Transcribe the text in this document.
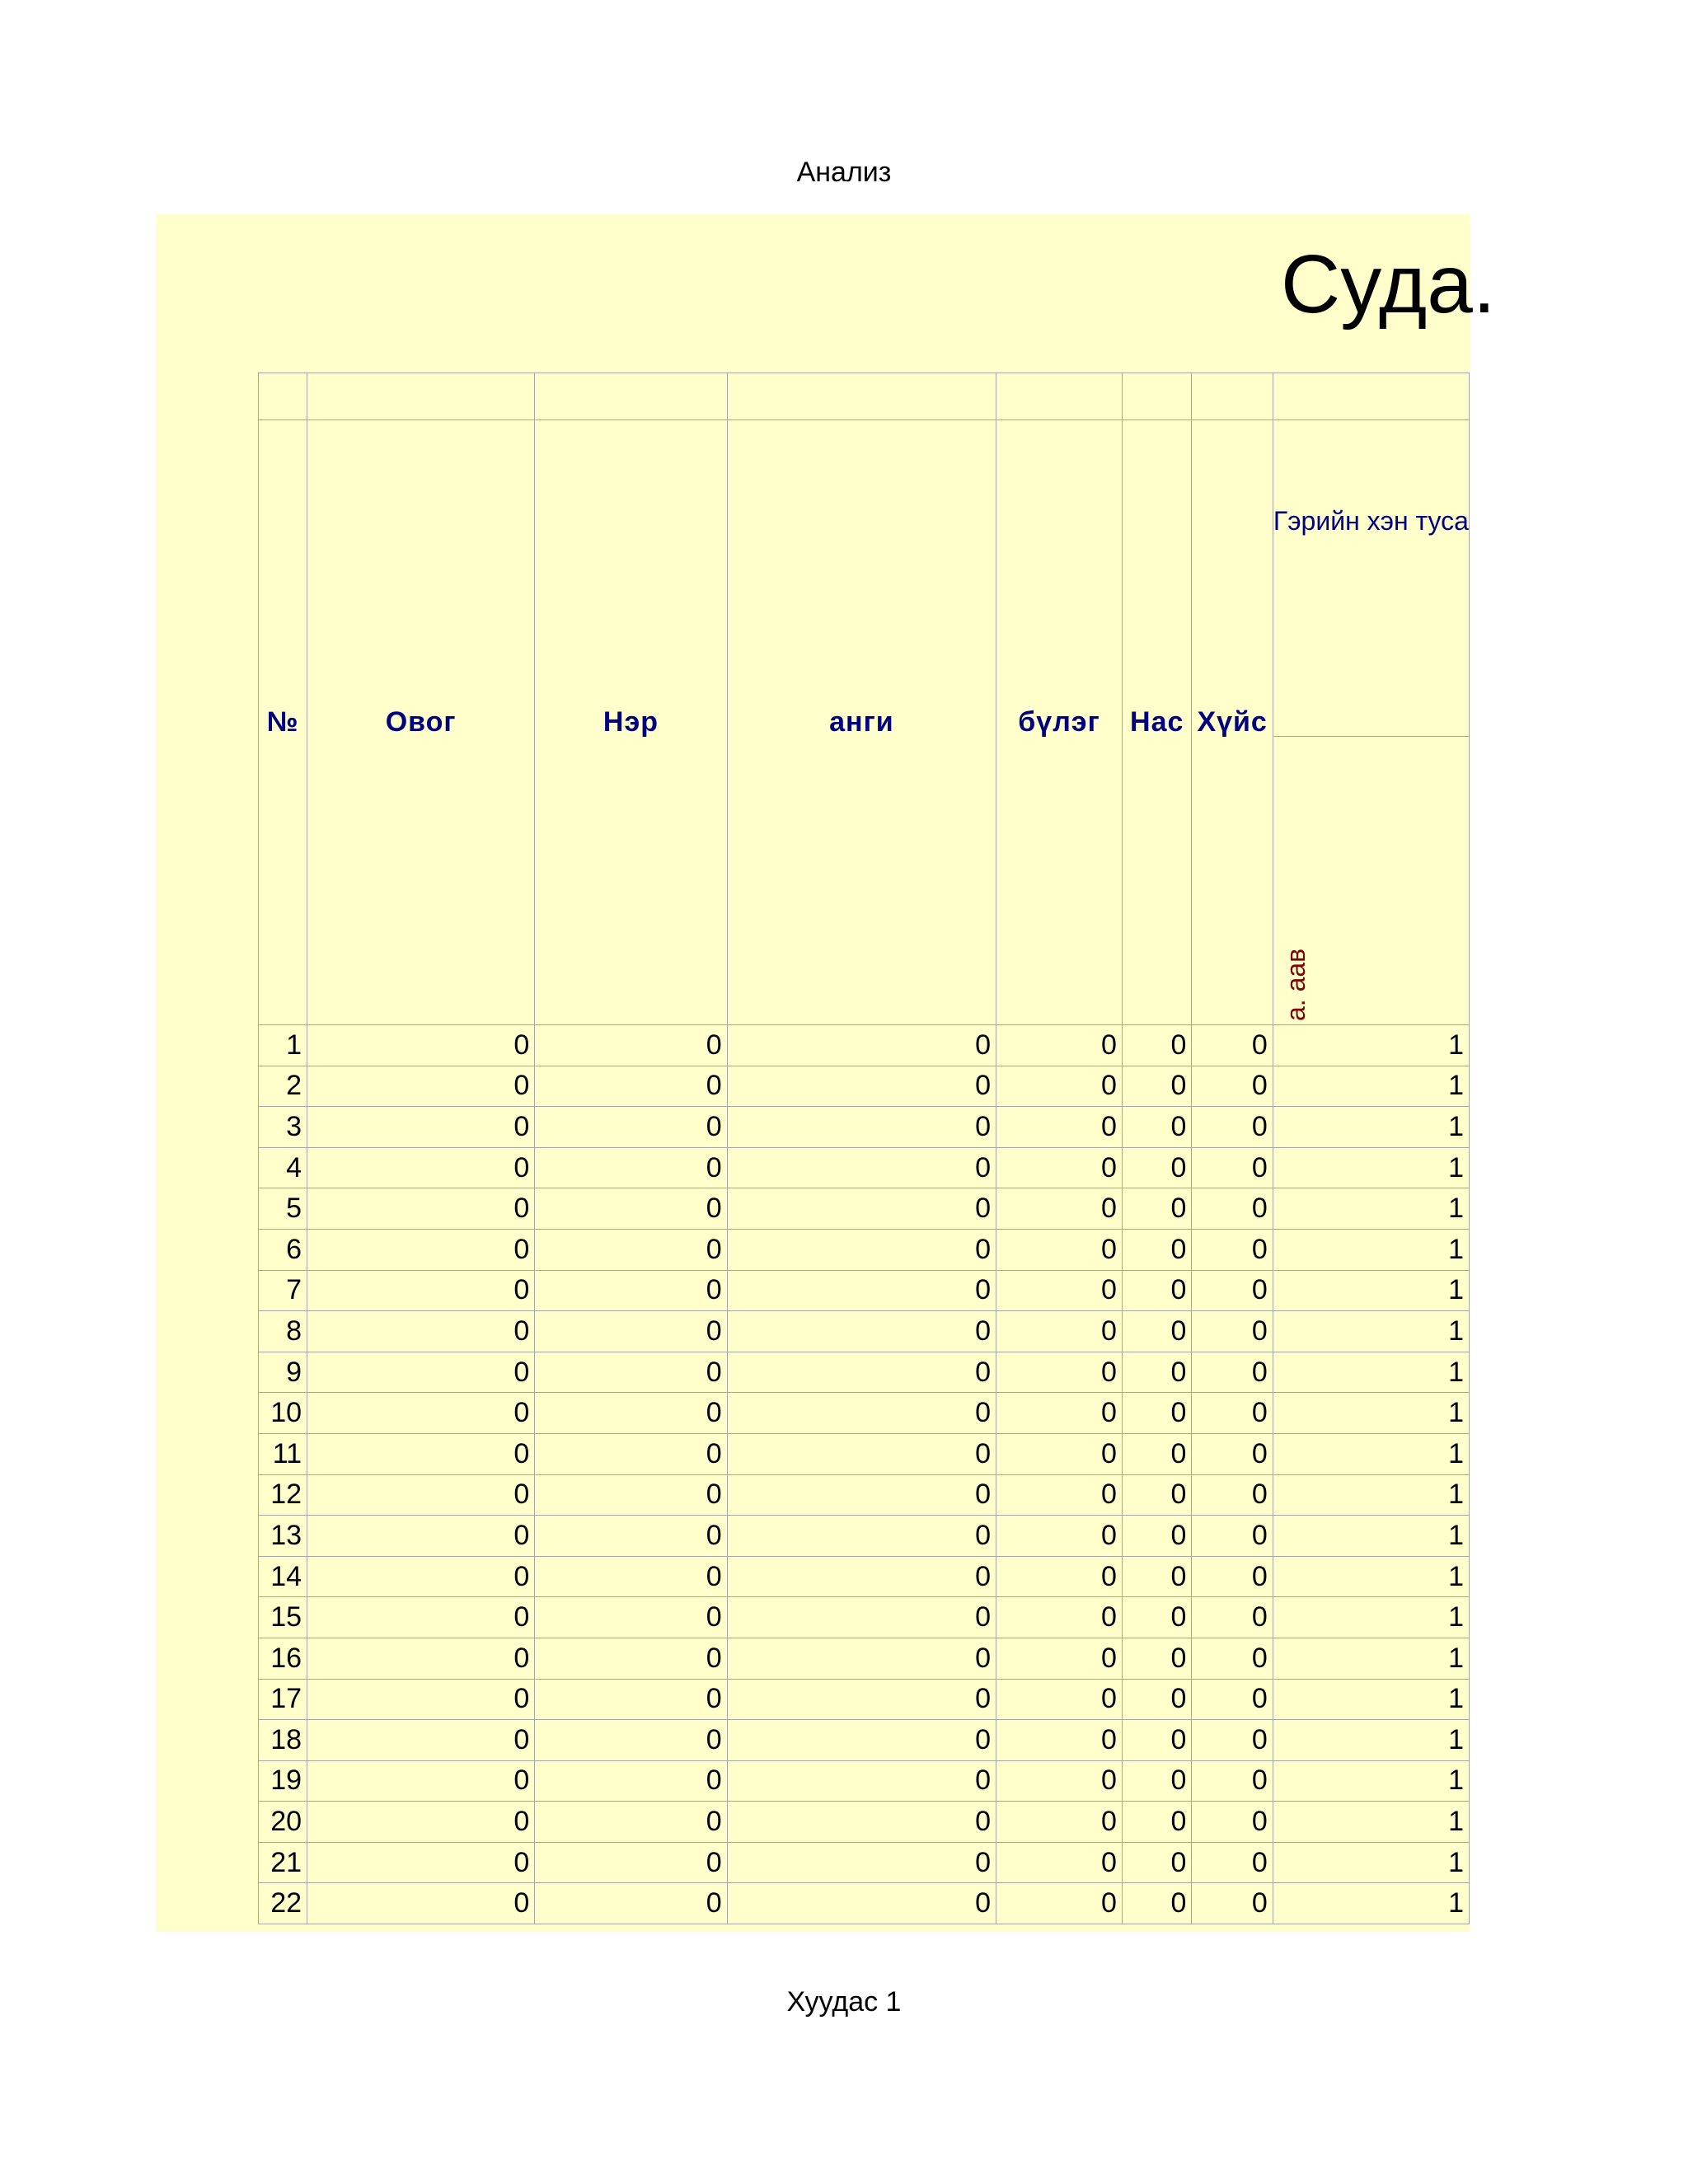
Анализ
Суда.

№	Овог	Нэр	анги	бүлэг	Нас	Хүйс	Гэрийн хэн туса

							а. аав

1	0	0	0	0	0	0	1
2	0	0	0	0	0	0	1
3	0	0	0	0	0	0	1
4	0	0	0	0	0	0	1
5	0	0	0	0	0	0	1
6	0	0	0	0	0	0	1
7	0	0	0	0	0	0	1
8	0	0	0	0	0	0	1
9	0	0	0	0	0	0	1
10	0	0	0	0	0	0	1
11	0	0	0	0	0	0	1
12	0	0	0	0	0	0	1
13	0	0	0	0	0	0	1
14	0	0	0	0	0	0	1
15	0	0	0	0	0	0	1
16	0	0	0	0	0	0	1
17	0	0	0	0	0	0	1
18	0	0	0	0	0	0	1
19	0	0	0	0	0	0	1
20	0	0	0	0	0	0	1
21	0	0	0	0	0	0	1
22	0	0	0	0	0	0	1
Хуудас 1
